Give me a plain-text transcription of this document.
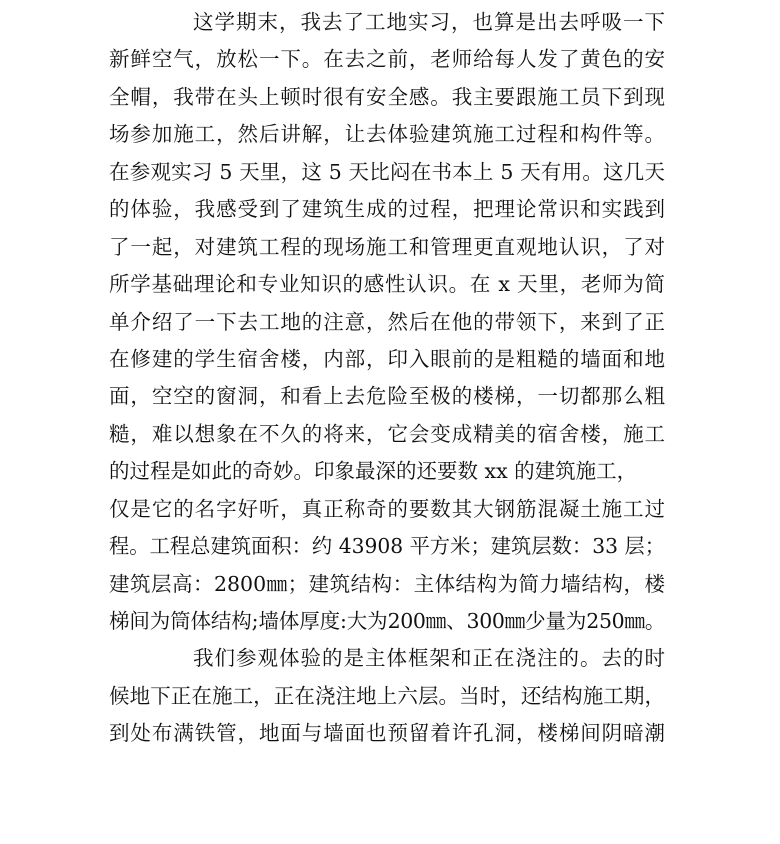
这学期末，我去了工地实习，也算是出去呼吸一下
新鲜空气，放松一下。在去之前，老师给每人发了黄色的安
全帽，我带在头上顿时很有安全感。我主要跟施工员下到现
场参加施工，然后讲解，让去体验建筑施工过程和构件等。
在参观实习 5 天里，这 5 天比闷在书本上 5 天有用。这几天
的体验，我感受到了建筑生成的过程，把理论常识和实践到
了一起，对建筑工程的现场施工和管理更直观地认识，了对
所学基础理论和专业知识的感性认识。在 x 天里，老师为简
单介绍了一下去工地的注意，然后在他的带领下，来到了正
在修建的学生宿舍楼，内部，印入眼前的是粗糙的墙面和地
面，空空的窗洞，和看上去危险至极的楼梯，一切都那么粗
糙，难以想象在不久的将来，它会变成精美的宿舍楼，施工
的过程是如此的奇妙。印象最深的还要数 xx 的建筑施工，
仅是它的名字好听，真正称奇的要数其大钢筋混凝土施工过
程。工程总建筑面积：约 43908 平方米；建筑层数：33 层；
建筑层高：2800㎜；建筑结构：主体结构为简力墙结构，楼
梯间为筒体结构;墙体厚度:大为200㎜、300㎜少量为250㎜。
我们参观体验的是主体框架和正在浇注的。去的时
候地下正在施工，正在浇注地上六层。当时，还结构施工期，
到处布满铁管，地面与墙面也预留着许孔洞，楼梯间阴暗潮
